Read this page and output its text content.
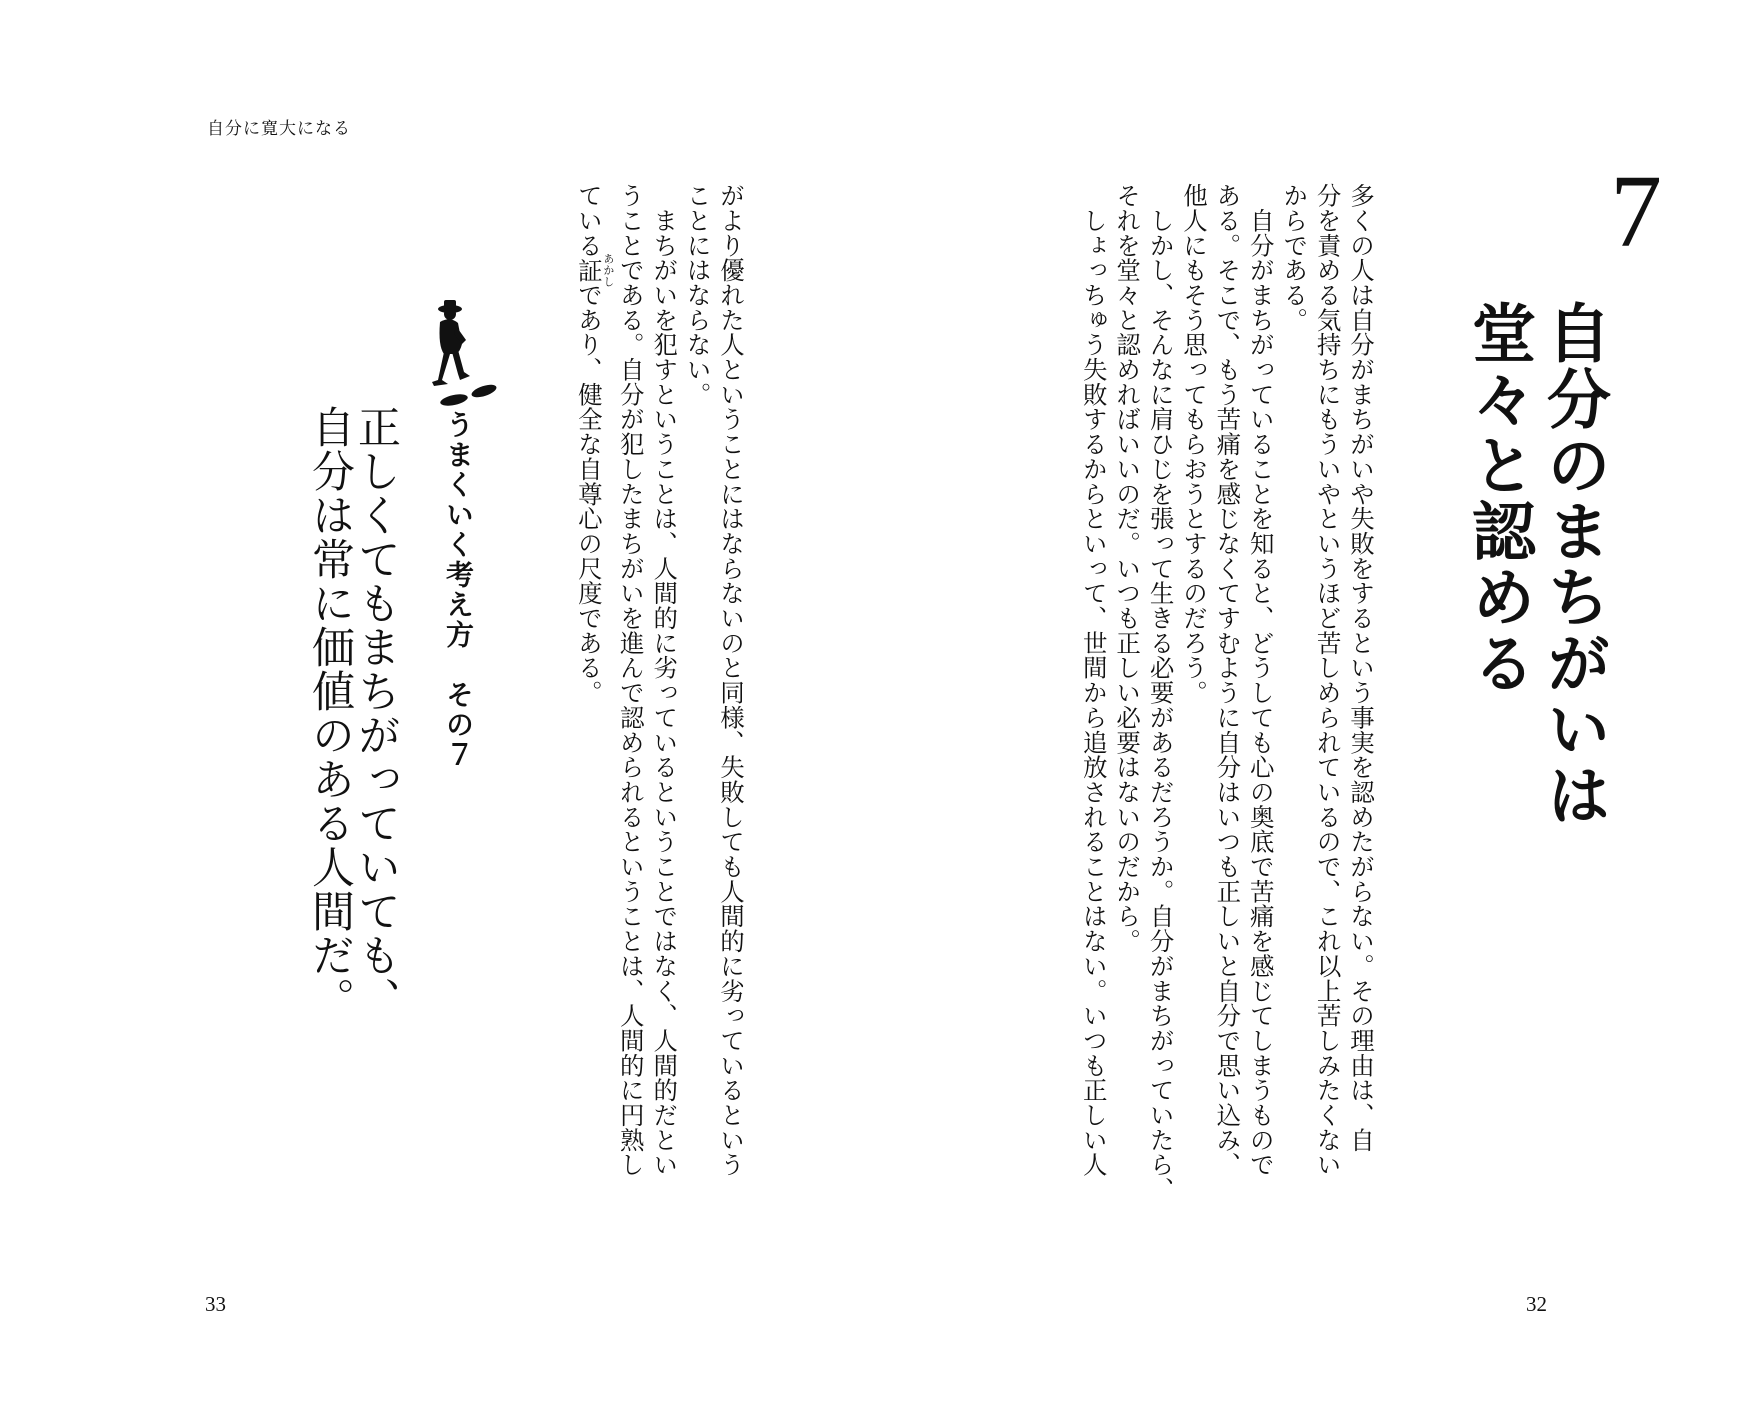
自分に寛大になる
7
自分のまちがいは
堂々と認める
多くの人は自分がまちがいや失敗をするという事実を認めたがらない。その理由は、自
分を責める気持ちにもういやというほど苦しめられているので、これ以上苦しみたくない
からである。
　自分がまちがっていることを知ると、どうしても心の奥底で苦痛を感じてしまうもので
ある。そこで、もう苦痛を感じなくてすむように自分はいつも正しいと自分で思い込み、
他人にもそう思ってもらおうとするのだろう。
　しかし、そんなに肩ひじを張って生きる必要があるだろうか。自分がまちがっていたら、
それを堂々と認めればいいのだ。いつも正しい必要はないのだから。
　しょっちゅう失敗するからといって、世間から追放されることはない。いつも正しい人
がより優れた人ということにはならないのと同様、失敗しても人間的に劣っているという
ことにはならない。
　まちがいを犯すということは、人間的に劣っているということではなく、人間的だとい
うことである。自分が犯したまちがいを進んで認められるということは、人間的に円熟し
ている証あかしであり、健全な自尊心の尺度である。
うまくいく考え方　その７
正しくてもまちがっていても、
自分は常に価値のある人間だ。
33	32
